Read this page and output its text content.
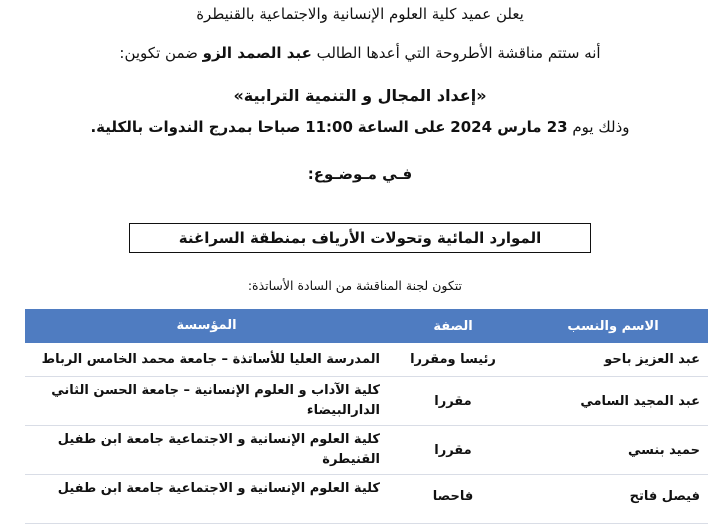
يعلن عميد كلية العلوم الإنسانية والاجتماعية بالقنيطرة
أنه ستتم مناقشة الأطروحة التي أعدها الطالب عبد الصمد الزو ضمن تكوين:
«إعداد المجال و التنمية الترابية»
وذلك يوم 23 مارس 2024 على الساعة 11:00 صباحا بمدرج الندوات بالكلية.
فـي مـوضـوع:
الموارد المائية وتحولات الأرياف بمنطقة السراغنة
تتكون لجنة المناقشة من السادة الأساتذة:
الاسم والنسب
الصفة
المؤسسة
عبد العزيز باحو
رئيسا ومقررا
المدرسة العليا للأساتذة – جامعة محمد الخامس الرباط
عبد المجيد السامي
مقررا
كلية الآداب و العلوم الإنسانية – جامعة الحسن الثاني الدارالبيضاء
حميد بنسي
مقررا
كلية العلوم الإنسانية و الاجتماعية جامعة ابن طفيل القنيطرة
فيصل فاتح
فاحصا
كلية العلوم الإنسانية و الاجتماعية جامعة ابن طفيل
